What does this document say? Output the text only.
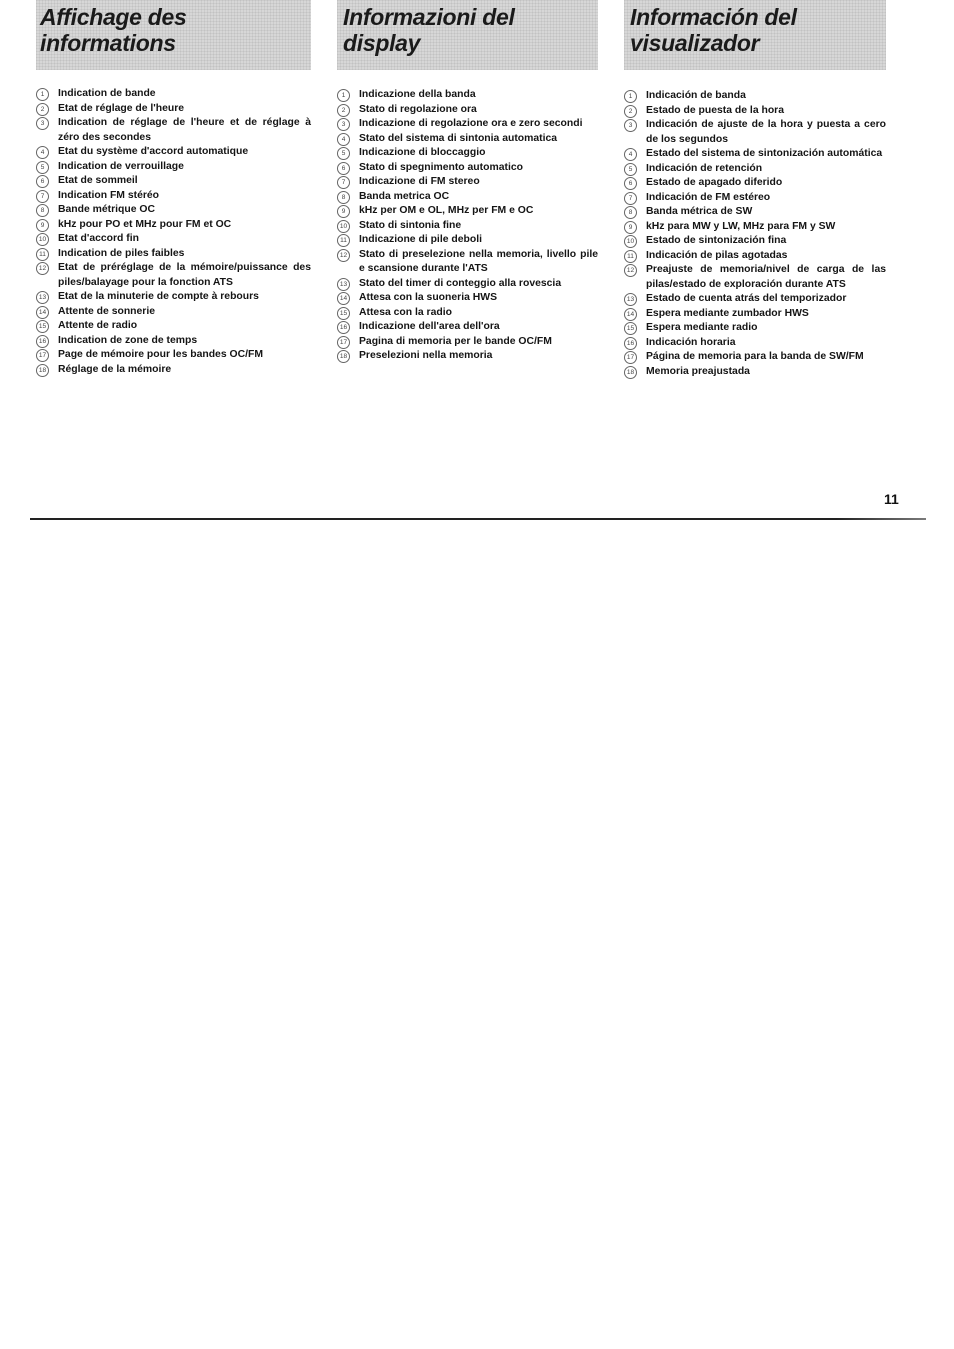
Affichage des
informations
1	Indication de bande
2	Etat de réglage de l'heure
3	Indication de réglage de l'heure et de réglage à zéro des secondes
4	Etat du système d'accord automatique
5	Indication de verrouillage
6	Etat de sommeil
7	Indication FM stéréo
8	Bande métrique OC
9	kHz pour PO et MHz pour FM et OC
10 Etat d'accord fin
11	Indication de piles faibles
12 Etat de préréglage de la mémoire/puissance des piles/balayage pour la fonction ATS
13 Etat de la minuterie de compte à rebours
14 Attente de sonnerie
15 Attente de radio
16 Indication de zone de temps
17 Page de mémoire pour les bandes OC/FM
18 Réglage de la mémoire
Informazioni del
display
1	Indicazione della banda
2	Stato di regolazione ora
3	Indicazione di regolazione ora e zero secondi
4	Stato del sistema di sintonia automatica
5	Indicazione di bloccaggio
6	Stato di spegnimento automatico
7	Indicazione di FM stereo
8	Banda metrica OC
9	kHz per OM e OL, MHz per FM e OC
10 Stato di sintonia fine
11	Indicazione di pile deboli
12 Stato di preselezione nella memoria, livello pile e scansione durante l'ATS
13 Stato del timer di conteggio alla rovescia
14 Attesa con la suoneria HWS
15 Attesa con la radio
16 Indicazione dell'area dell'ora
17 Pagina di memoria per le bande OC/FM
18 Preselezioni nella memoria
Información del
visualizador
1	Indicación de banda
2	Estado de puesta de la hora
3	Indicación de ajuste de la hora y puesta a cero de los segundos
4	Estado del sistema de sintonización automática
5	Indicación de retención
6	Estado de apagado diferido
7	Indicación de FM estéreo
8	Banda métrica de SW
9	kHz para MW y LW, MHz para FM y SW
10 Estado de sintonización fina
11	Indicación de pilas agotadas
12 Preajuste de memoria/nivel de carga de las pilas/estado de exploración durante ATS
13 Estado de cuenta atrás del temporizador
14 Espera mediante zumbador HWS
15 Espera mediante radio
16 Indicación horaria
17 Página de memoria para la banda de SW/FM
18 Memoria preajustada
11
